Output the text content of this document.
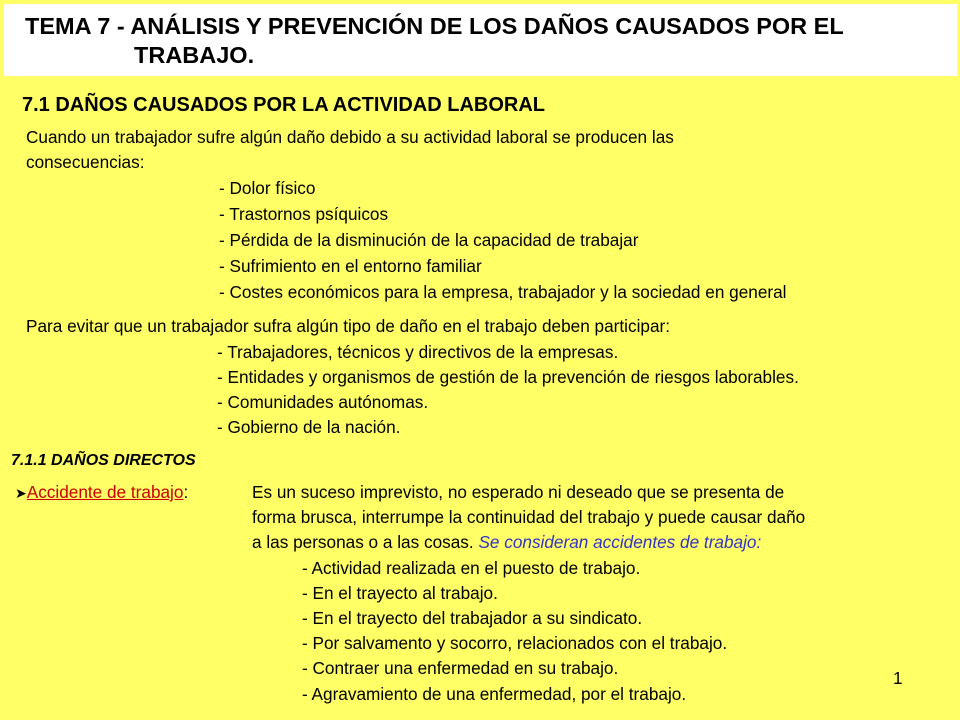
TEMA 7 - ANÁLISIS Y PREVENCIÓN DE LOS DAÑOS CAUSADOS POR EL
TRABAJO.
7.1 DAÑOS CAUSADOS POR LA ACTIVIDAD LABORAL
Cuando un trabajador sufre algún daño debido a su actividad laboral se producen las
consecuencias:
- Dolor físico
- Trastornos psíquicos
- Pérdida de la disminución de la capacidad de trabajar
- Sufrimiento en el entorno familiar
- Costes económicos para la empresa, trabajador y la sociedad en general
Para evitar que un trabajador sufra algún tipo de daño en el trabajo deben participar:
- Trabajadores, técnicos y directivos de la empresas.
- Entidades y organismos de gestión de la prevención de riesgos laborables.
- Comunidades autónomas.
- Gobierno de la nación.
7.1.1 DAÑOS DIRECTOS
➤Accidente de trabajo:	Es un suceso imprevisto, no esperado ni deseado que se presenta de
forma brusca, interrumpe la continuidad del trabajo y puede causar daño
a las personas o a las cosas. Se consideran accidentes de trabajo:
- Actividad realizada en el puesto de trabajo.
- En el trayecto al trabajo.
- En el trayecto del trabajador a su sindicato.
- Por salvamento y socorro, relacionados con el trabajo.
- Contraer una enfermedad en su trabajo.
- Agravamiento de una enfermedad, por el trabajo.
1
